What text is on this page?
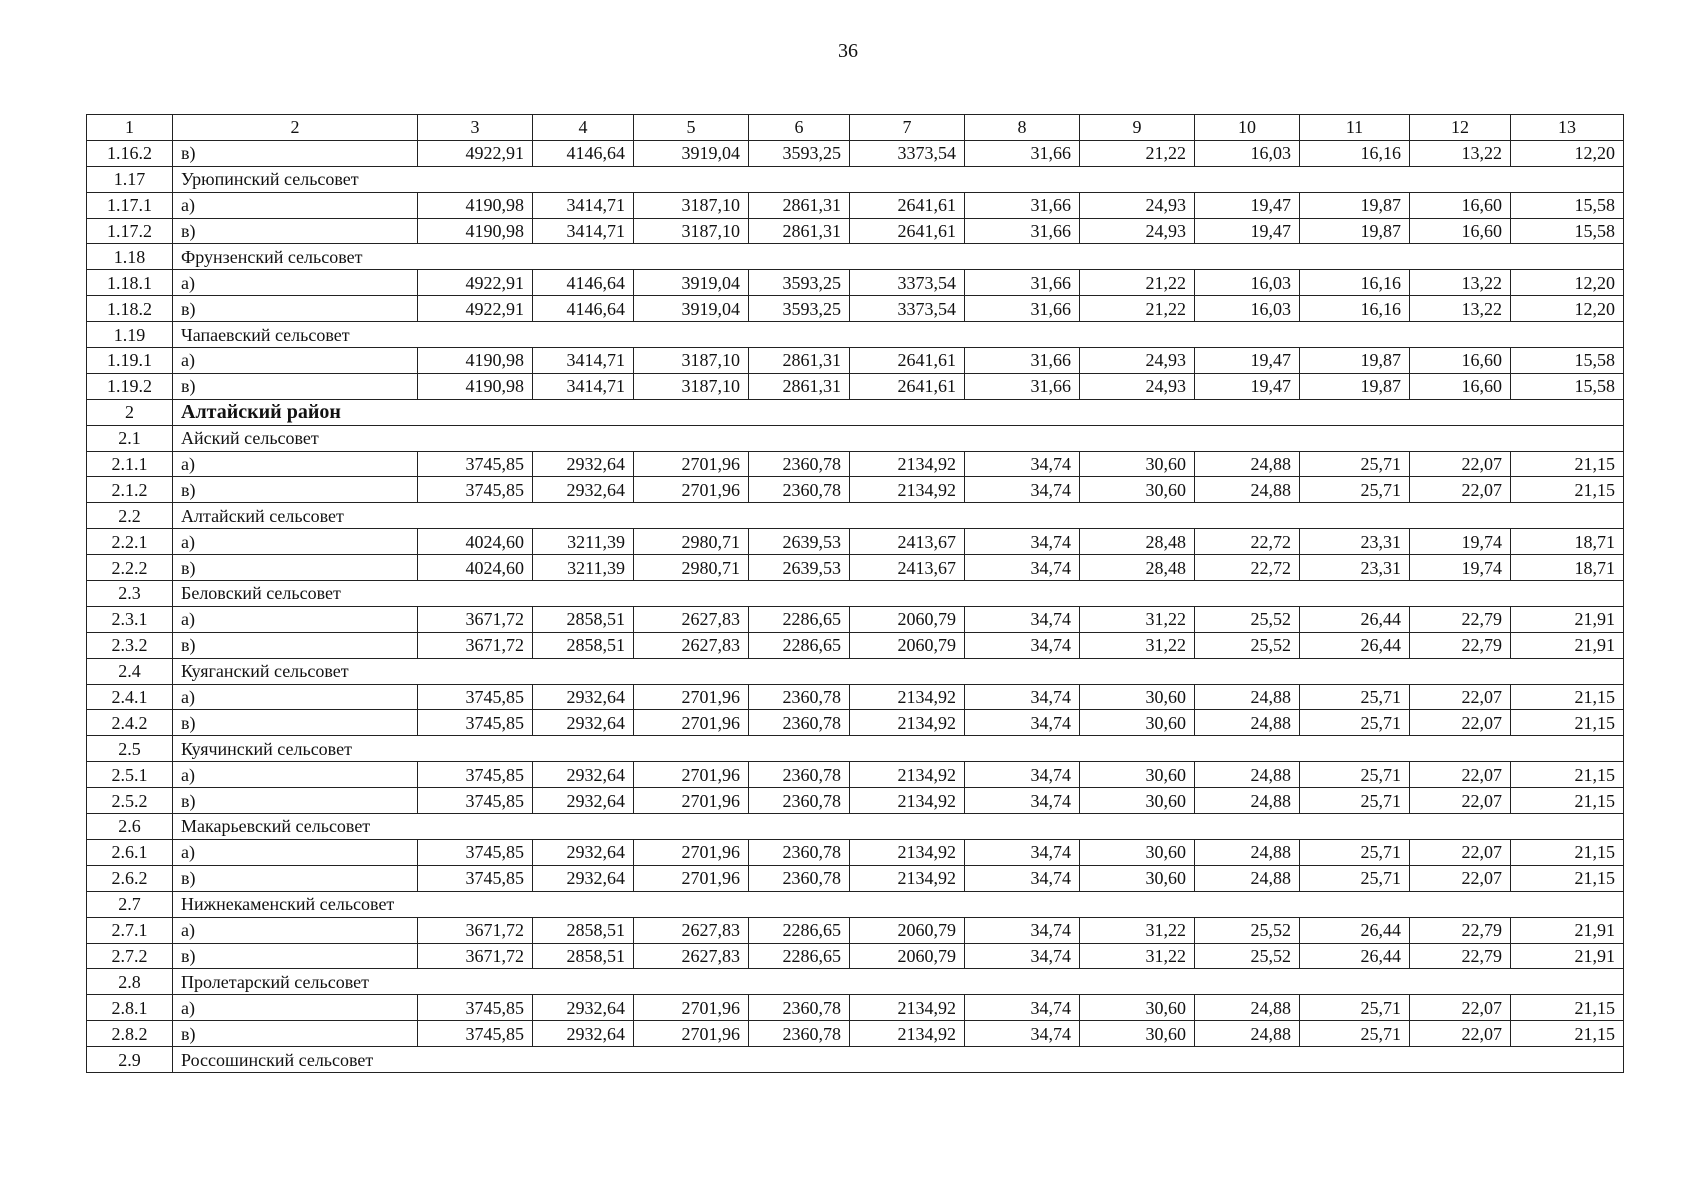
36
1	2	3	4	5	6	7	8	9	10	11	12	13
1.16.2	в)	4922,91	4146,64	3919,04	3593,25	3373,54	31,66	21,22	16,03	16,16	13,22	12,20
1.17	Урюпинский сельсовет											
1.17.1	а)	4190,98	3414,71	3187,10	2861,31	2641,61	31,66	24,93	19,47	19,87	16,60	15,58
1.17.2	в)	4190,98	3414,71	3187,10	2861,31	2641,61	31,66	24,93	19,47	19,87	16,60	15,58
1.18	Фрунзенский сельсовет											
1.18.1	а)	4922,91	4146,64	3919,04	3593,25	3373,54	31,66	21,22	16,03	16,16	13,22	12,20
1.18.2	в)	4922,91	4146,64	3919,04	3593,25	3373,54	31,66	21,22	16,03	16,16	13,22	12,20
1.19	Чапаевский сельсовет											
1.19.1	а)	4190,98	3414,71	3187,10	2861,31	2641,61	31,66	24,93	19,47	19,87	16,60	15,58
1.19.2	в)	4190,98	3414,71	3187,10	2861,31	2641,61	31,66	24,93	19,47	19,87	16,60	15,58
2	Алтайский район											
2.1	Айский сельсовет											
2.1.1	а)	3745,85	2932,64	2701,96	2360,78	2134,92	34,74	30,60	24,88	25,71	22,07	21,15
2.1.2	в)	3745,85	2932,64	2701,96	2360,78	2134,92	34,74	30,60	24,88	25,71	22,07	21,15
2.2	Алтайский сельсовет											
2.2.1	а)	4024,60	3211,39	2980,71	2639,53	2413,67	34,74	28,48	22,72	23,31	19,74	18,71
2.2.2	в)	4024,60	3211,39	2980,71	2639,53	2413,67	34,74	28,48	22,72	23,31	19,74	18,71
2.3	Беловский сельсовет											
2.3.1	а)	3671,72	2858,51	2627,83	2286,65	2060,79	34,74	31,22	25,52	26,44	22,79	21,91
2.3.2	в)	3671,72	2858,51	2627,83	2286,65	2060,79	34,74	31,22	25,52	26,44	22,79	21,91
2.4	Куяганский сельсовет											
2.4.1	а)	3745,85	2932,64	2701,96	2360,78	2134,92	34,74	30,60	24,88	25,71	22,07	21,15
2.4.2	в)	3745,85	2932,64	2701,96	2360,78	2134,92	34,74	30,60	24,88	25,71	22,07	21,15
2.5	Куячинский сельсовет											
2.5.1	а)	3745,85	2932,64	2701,96	2360,78	2134,92	34,74	30,60	24,88	25,71	22,07	21,15
2.5.2	в)	3745,85	2932,64	2701,96	2360,78	2134,92	34,74	30,60	24,88	25,71	22,07	21,15
2.6	Макарьевский сельсовет											
2.6.1	а)	3745,85	2932,64	2701,96	2360,78	2134,92	34,74	30,60	24,88	25,71	22,07	21,15
2.6.2	в)	3745,85	2932,64	2701,96	2360,78	2134,92	34,74	30,60	24,88	25,71	22,07	21,15
2.7	Нижнекаменский сельсовет											
2.7.1	а)	3671,72	2858,51	2627,83	2286,65	2060,79	34,74	31,22	25,52	26,44	22,79	21,91
2.7.2	в)	3671,72	2858,51	2627,83	2286,65	2060,79	34,74	31,22	25,52	26,44	22,79	21,91
2.8	Пролетарский сельсовет											
2.8.1	а)	3745,85	2932,64	2701,96	2360,78	2134,92	34,74	30,60	24,88	25,71	22,07	21,15
2.8.2	в)	3745,85	2932,64	2701,96	2360,78	2134,92	34,74	30,60	24,88	25,71	22,07	21,15
2.9	Россошинский сельсовет											
